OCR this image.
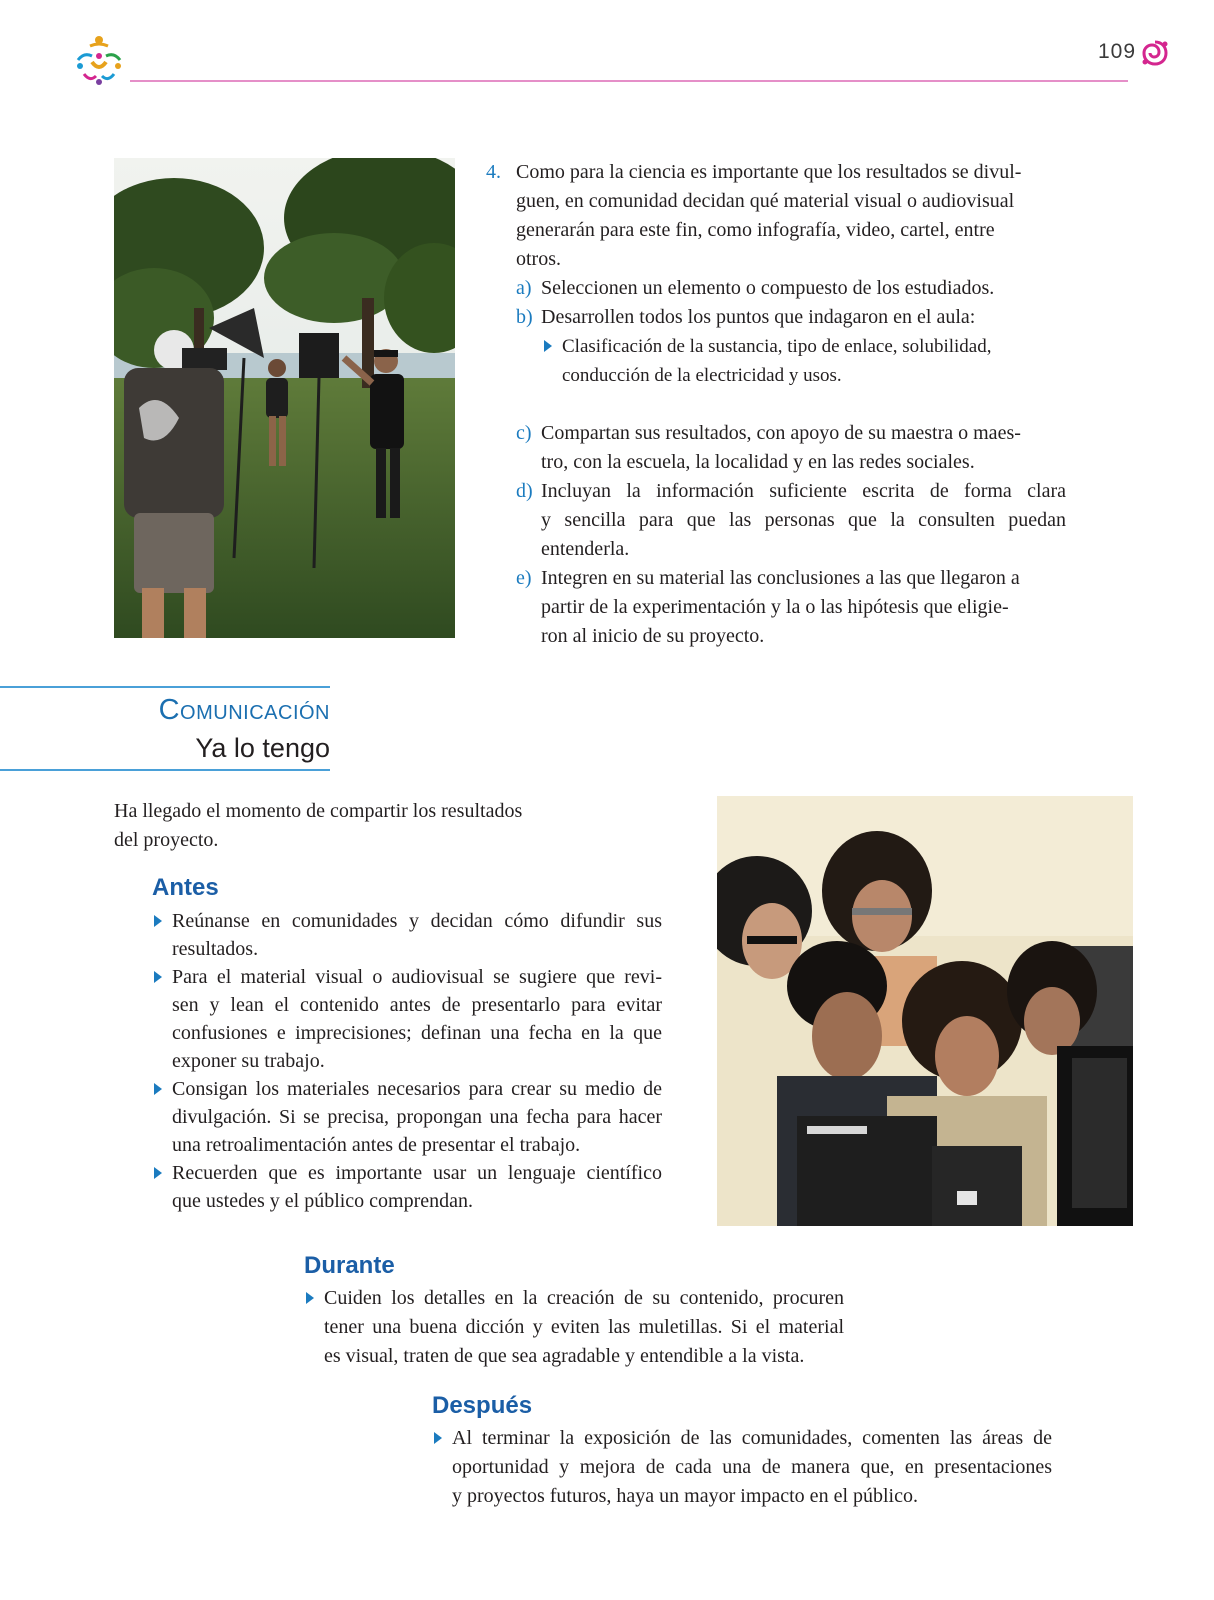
109
4. Como para la ciencia es importante que los resultados se divul-
guen, en comunidad decidan qué material visual o audiovisual
generarán para este fin, como infografía, video, cartel, entre
otros.
a) Seleccionen un elemento o compuesto de los estudiados.
b) Desarrollen todos los puntos que indagaron en el aula:
Clasificación de la sustancia, tipo de enlace, solubilidad,
conducción de la electricidad y usos.
c) Compartan sus resultados, con apoyo de su maestra o maes-
tro, con la escuela, la localidad y en las redes sociales.
d) Incluyan la información suficiente escrita de forma clara
y sencilla para que las personas que la consulten puedan
entenderla.
e) Integren en su material las conclusiones a las que llegaron a
partir de la experimentación y la o las hipótesis que eligie-
ron al inicio de su proyecto.
Comunicación
Ya lo tengo
Ha llegado el momento de compartir los resultados
del proyecto.
Antes
Reúnanse en comunidades y decidan cómo difundir sus
resultados.
Para el material visual o audiovisual se sugiere que revi-
sen y lean el contenido antes de presentarlo para evitar
confusiones e imprecisiones; definan una fecha en la que
exponer su trabajo.
Consigan los materiales necesarios para crear su medio de
divulgación. Si se precisa, propongan una fecha para hacer
una retroalimentación antes de presentar el trabajo.
Recuerden que es importante usar un lenguaje científico
que ustedes y el público comprendan.
Durante
Cuiden los detalles en la creación de su contenido, procuren
tener una buena dicción y eviten las muletillas. Si el material
es visual, traten de que sea agradable y entendible a la vista.
Después
Al terminar la exposición de las comunidades, comenten las áreas de
oportunidad y mejora de cada una de manera que, en presentaciones
y proyectos futuros, haya un mayor impacto en el público.
